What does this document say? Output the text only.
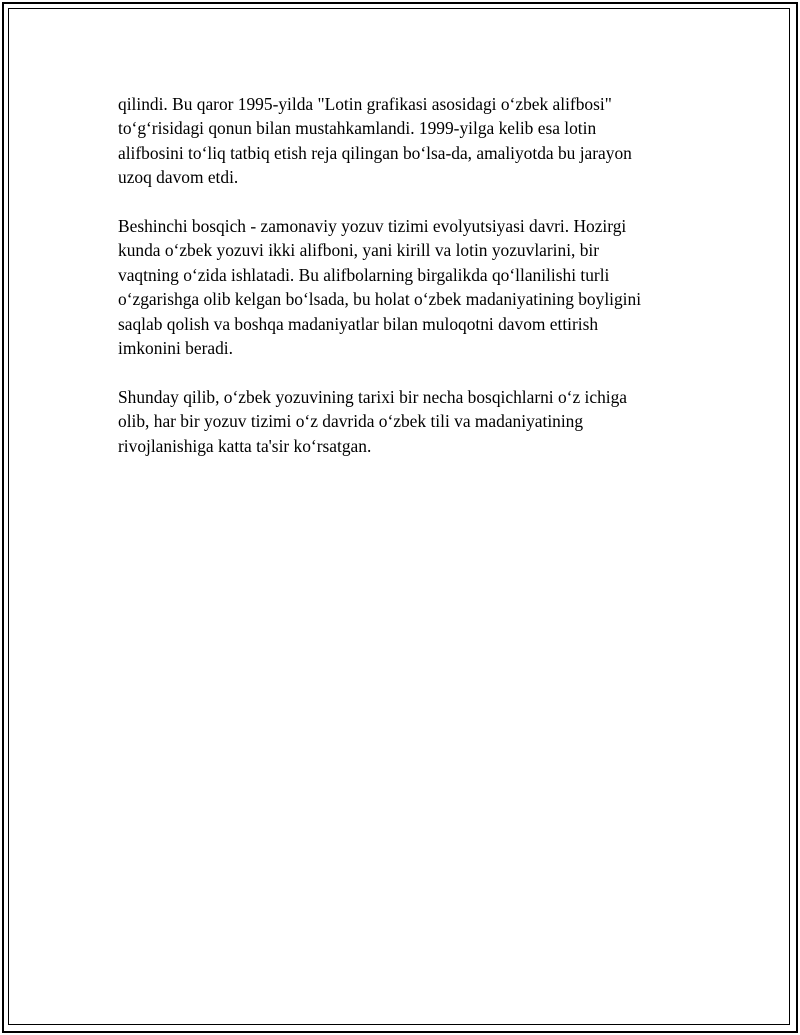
qilindi. Bu qaror 1995-yilda "Lotin grafikasi asosidagi o‘zbek alifbosi"
to‘g‘risidagi qonun bilan mustahkamlandi. 1999-yilga kelib esa lotin
alifbosini to‘liq tatbiq etish reja qilingan bo‘lsa-da, amaliyotda bu jarayon
uzoq davom etdi.

Beshinchi bosqich - zamonaviy yozuv tizimi evolyutsiyasi davri. Hozirgi
kunda o‘zbek yozuvi ikki alifboni, yani kirill va lotin yozuvlarini, bir
vaqtning o‘zida ishlatadi. Bu alifbolarning birgalikda qo‘llanilishi turli
o‘zgarishga olib kelgan bo‘lsada, bu holat o‘zbek madaniyatining boyligini
saqlab qolish va boshqa madaniyatlar bilan muloqotni davom ettirish
imkonini beradi.

Shunday qilib, o‘zbek yozuvining tarixi bir necha bosqichlarni o‘z ichiga
olib, har bir yozuv tizimi o‘z davrida o‘zbek tili va madaniyatining
rivojlanishiga katta ta'sir ko‘rsatgan.
